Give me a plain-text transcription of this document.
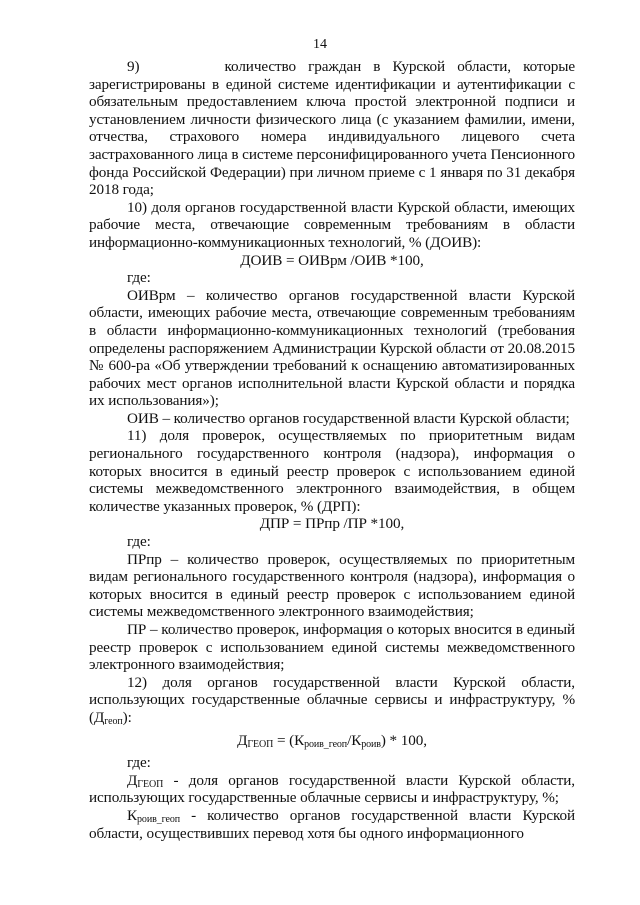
14

9)	количество граждан в Курской области, которые зарегистрированы в единой системе идентификации и аутентификации с обязательным предоставлением ключа простой электронной подписи и установлением личности физического лица (с указанием фамилии, имени, отчества, страхового номера индивидуального лицевого счета застрахованного лица в системе персонифицированного учета Пенсионного фонда Российской Федерации) при личном приеме с 1 января по 31 декабря 2018 года;

10) доля органов государственной власти Курской области, имеющих рабочие места, отвечающие современным требованиям в области информационно-коммуникационных технологий, % (ДОИВ):

ДОИВ = ОИВрм /ОИВ *100,

где:

ОИВрм – количество органов государственной власти Курской области, имеющих рабочие места, отвечающие современным требованиям в области информационно-коммуникационных технологий (требования определены распоряжением Администрации Курской области от 20.08.2015 № 600-ра «Об утверждении требований к оснащению автоматизированных рабочих мест органов исполнительной власти Курской области и порядка их использования»);

ОИВ – количество органов государственной власти Курской области;

11) доля проверок, осуществляемых по приоритетным видам регионального государственного контроля (надзора), информация о которых вносится в единый реестр проверок с использованием единой системы межведомственного электронного взаимодействия, в общем количестве указанных проверок, % (ДРП):

ДПР = ПРпр /ПР *100,

где:

ПРпр – количество проверок, осуществляемых по приоритетным видам регионального государственного контроля (надзора), информация о которых вносится в единый реестр проверок с использованием единой системы межведомственного электронного взаимодействия;

ПР – количество проверок, информация о которых вносится в единый реестр проверок с использованием единой системы межведомственного электронного взаимодействия;

12) доля органов государственной власти Курской области, использующих государственные облачные сервисы и инфраструктуру, % $(Д_{геоп})$:

$Д_{ГЕОП} = (К_{роив\_геоп}/К_{роив}) * 100$,

где:

$Д_{ГЕОП}$ - доля органов государственной власти Курской области, использующих государственные облачные сервисы и инфраструктуру, %;

$К_{роив\_геоп}$ - количество органов государственной власти Курской области, осуществивших перевод хотя бы одного информационного
